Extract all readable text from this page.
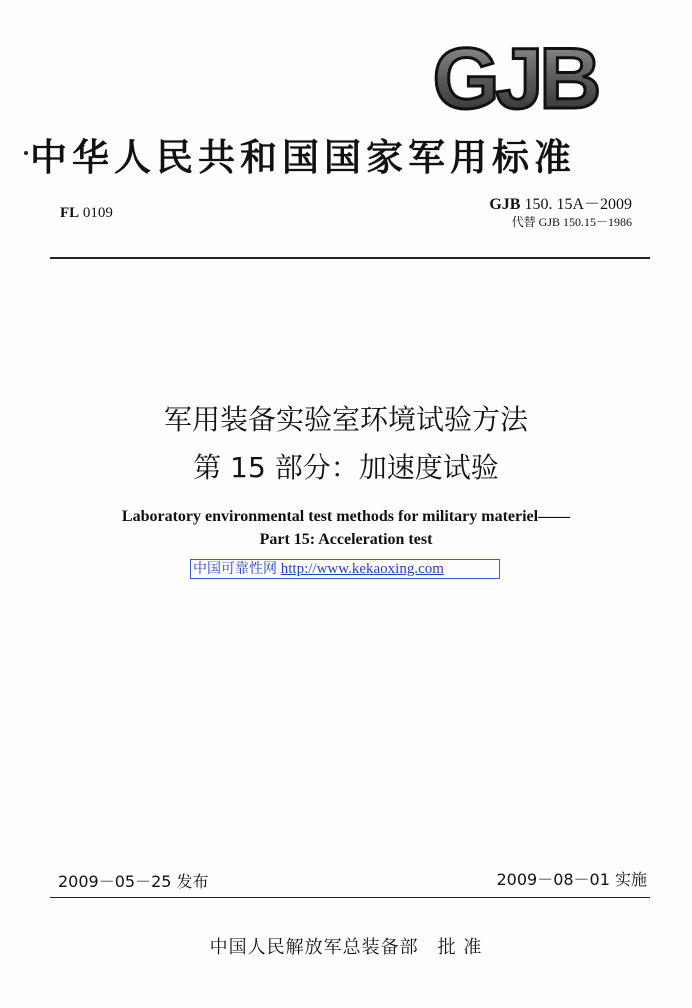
GJB
中华人民共和国国家军用标准
FL 0109	GJB 150. 15A－2009
代替 GJB 150.15－1986
军用装备实验室环境试验方法
第 15 部分：加速度试验
Laboratory environmental test methods for military materiel——
Part 15: Acceleration test
中国可靠性网 http://www.kekaoxing.com
2009－05－25 发布	2009－08－01 实施
中国人民解放军总装备部　批 准
